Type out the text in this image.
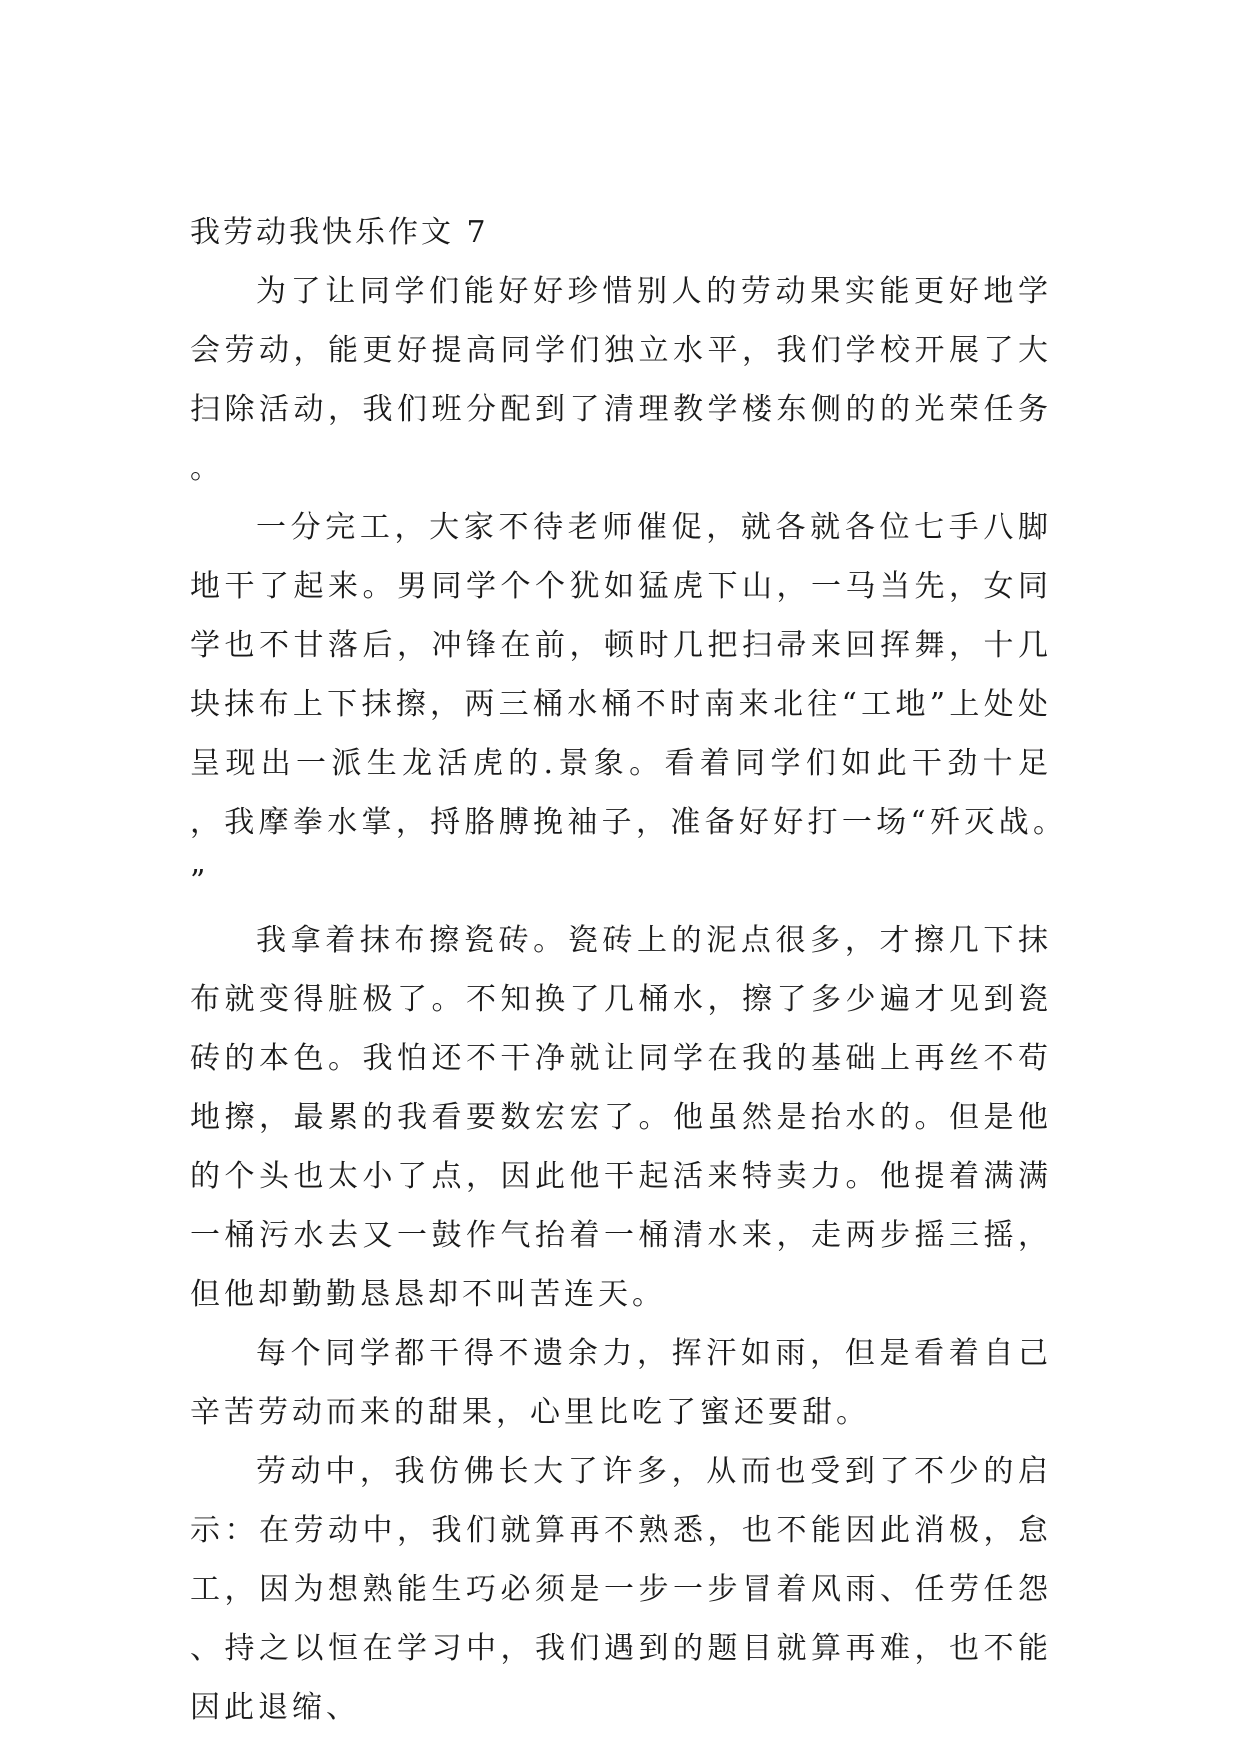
我劳动我快乐作文 7

为了让同学们能好好珍惜别人的劳动果实能更好地学会劳动，能更好提高同学们独立水平，我们学校开展了大扫除活动，我们班分配到了清理教学楼东侧的的光荣任务。

一分完工，大家不待老师催促，就各就各位七手八脚地干了起来。男同学个个犹如猛虎下山，一马当先，女同学也不甘落后，冲锋在前，顿时几把扫帚来回挥舞，十几块抹布上下抹擦，两三桶水桶不时南来北往“工地”上处处呈现出一派生龙活虎的.景象。看着同学们如此干劲十足，我摩拳水掌，捋胳膊挽袖子，准备好好打一场“歼灭战。”

我拿着抹布擦瓷砖。瓷砖上的泥点很多，才擦几下抹布就变得脏极了。不知换了几桶水，擦了多少遍才见到瓷砖的本色。我怕还不干净就让同学在我的基础上再丝不苟地擦，最累的我看要数宏宏了。他虽然是抬水的。但是他的个头也太小了点，因此他干起活来特卖力。他提着满满一桶污水去又一鼓作气抬着一桶清水来，走两步摇三摇，但他却勤勤恳恳却不叫苦连天。

每个同学都干得不遗余力，挥汗如雨，但是看着自己辛苦劳动而来的甜果，心里比吃了蜜还要甜。

劳动中，我仿佛长大了许多，从而也受到了不少的启示：在劳动中，我们就算再不熟悉，也不能因此消极，怠工，因为想熟能生巧必须是一步一步冒着风雨、任劳任怨、持之以恒在学习中，我们遇到的题目就算再难，也不能因此退缩、
